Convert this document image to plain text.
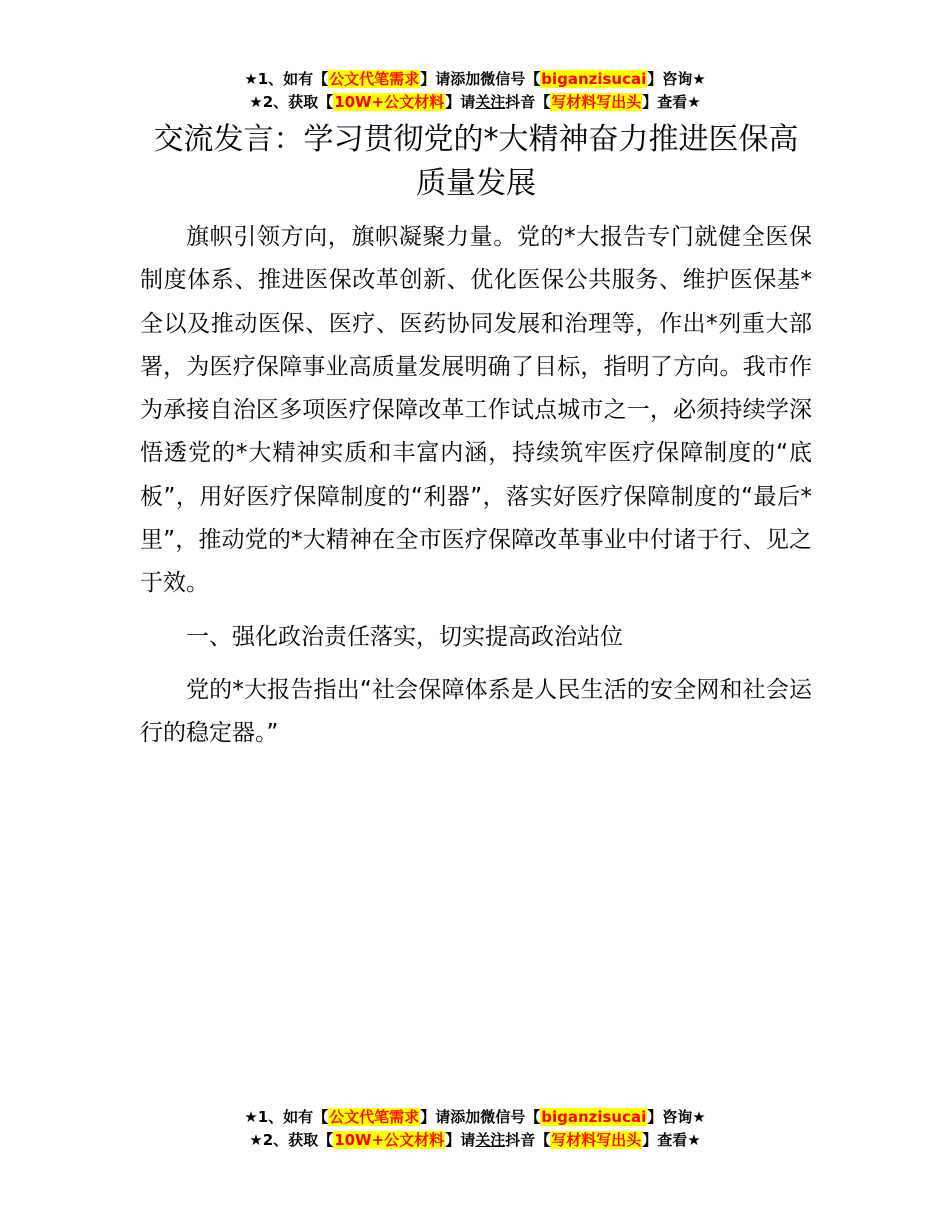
★1、如有【公文代笔需求】请添加微信号【biganzisucai】咨询★
★2、获取【10W+公文材料】请关注抖音【写材料写出头】查看★
交流发言：学习贯彻党的*大精神奋力推进医保高质量发展

旗帜引领方向，旗帜凝聚力量。党的*大报告专门就健全医保制度体系、推进医保改革创新、优化医保公共服务、维护医保基*全以及推动医保、医疗、医药协同发展和治理等，作出*列重大部署，为医疗保障事业高质量发展明确了目标，指明了方向。我市作为承接自治区多项医疗保障改革工作试点城市之一，必须持续学深悟透党的*大精神实质和丰富内涵，持续筑牢医疗保障制度的“底板”，用好医疗保障制度的“利器”，落实好医疗保障制度的“最后*里”，推动党的*大精神在全市医疗保障改革事业中付诸于行、见之于效。

一、强化政治责任落实，切实提高政治站位

党的*大报告指出“社会保障体系是人民生活的安全网和社会运行的稳定器。”

★1、如有【公文代笔需求】请添加微信号【biganzisucai】咨询★
★2、获取【10W+公文材料】请关注抖音【写材料写出头】查看★
